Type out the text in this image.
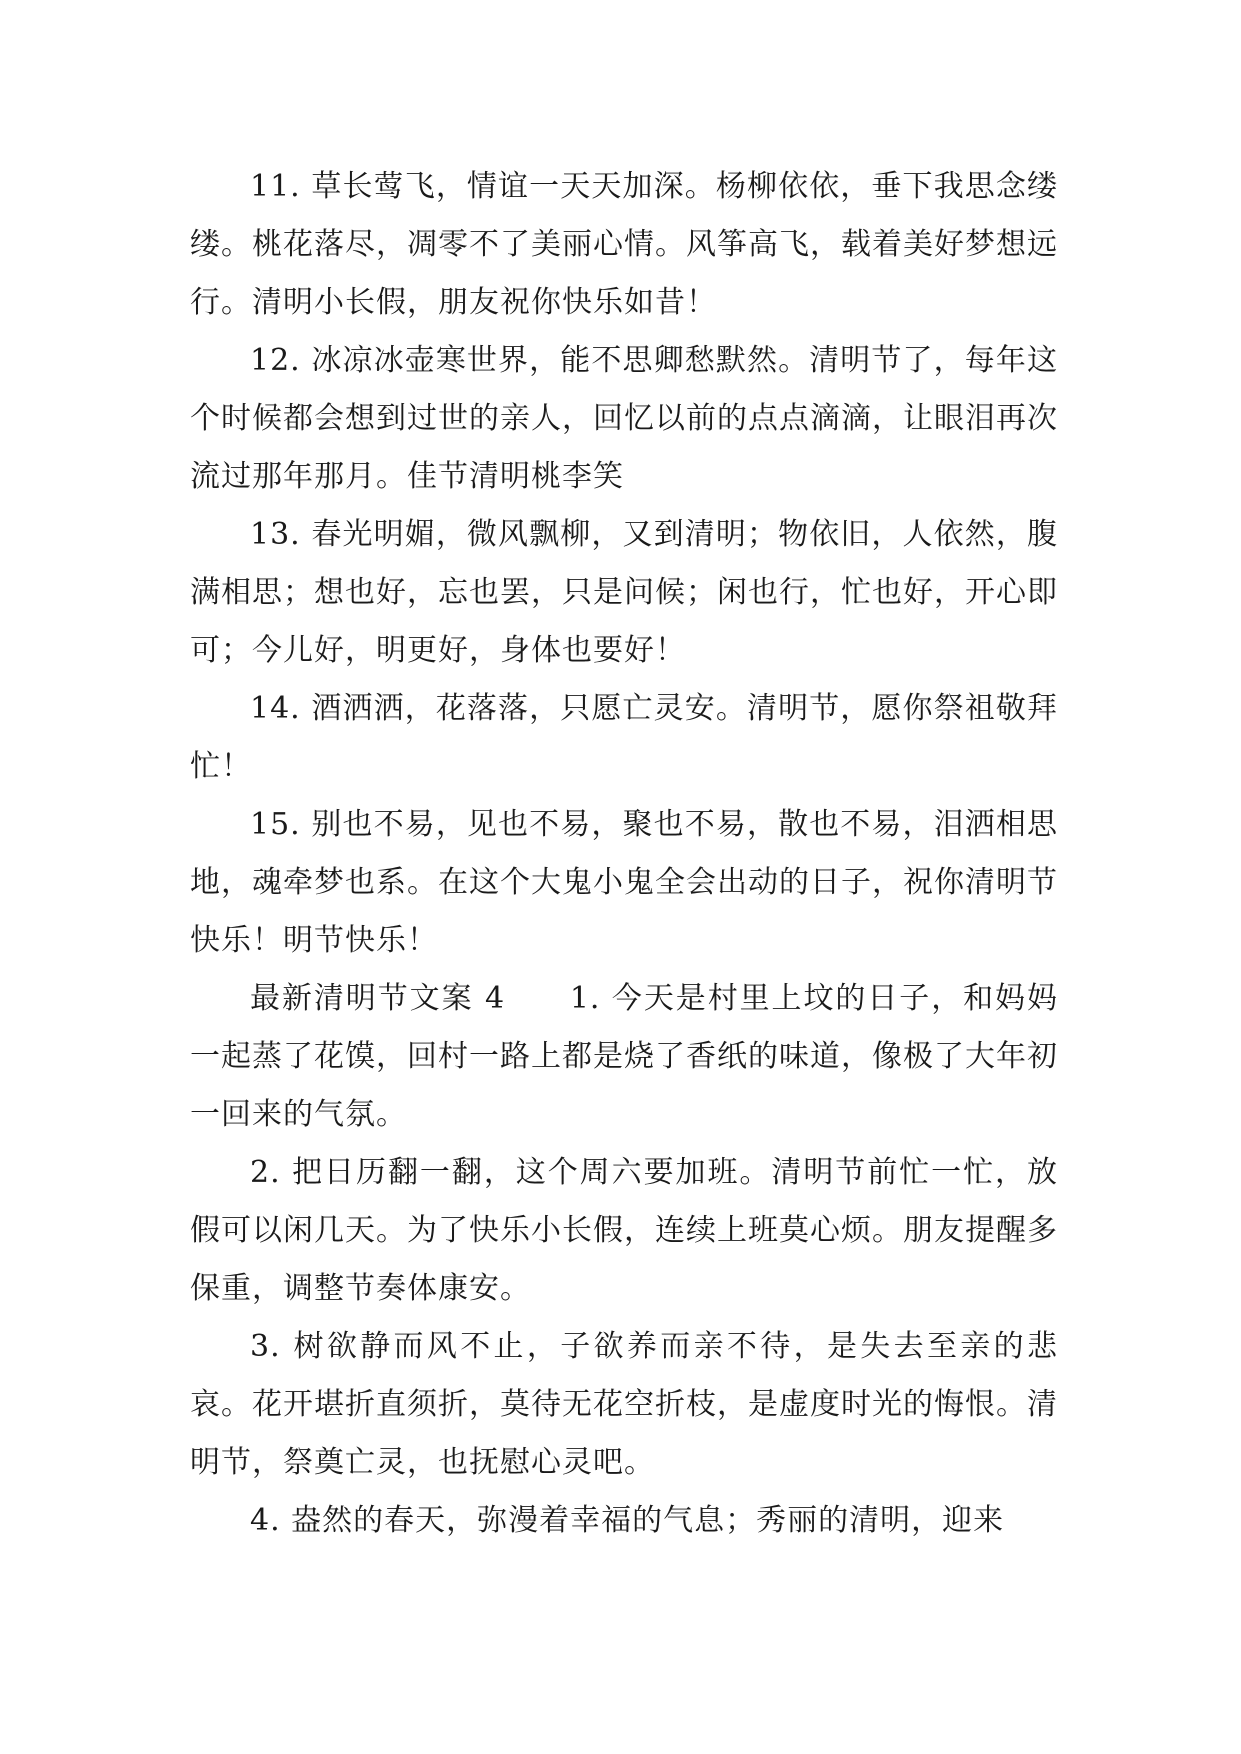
11. 草长莺飞，情谊一天天加深。杨柳依依，垂下我思念缕缕。桃花落尽，凋零不了美丽心情。风筝高飞，载着美好梦想远行。清明小长假，朋友祝你快乐如昔！

12. 冰凉冰壶寒世界，能不思卿愁默然。清明节了，每年这个时候都会想到过世的亲人，回忆以前的点点滴滴，让眼泪再次流过那年那月。佳节清明桃李笑

13. 春光明媚，微风飘柳，又到清明；物依旧，人依然，腹满相思；想也好，忘也罢，只是问候；闲也行，忙也好，开心即可；今儿好，明更好，身体也要好！

14. 酒洒洒，花落落，只愿亡灵安。清明节，愿你祭祖敬拜忙！

15. 别也不易，见也不易，聚也不易，散也不易，泪洒相思地，魂牵梦也系。在这个大鬼小鬼全会出动的日子，祝你清明节快乐！明节快乐！

最新清明节文案 4　　1. 今天是村里上坟的日子，和妈妈一起蒸了花馍，回村一路上都是烧了香纸的味道，像极了大年初一回来的气氛。

2. 把日历翻一翻，这个周六要加班。清明节前忙一忙，放假可以闲几天。为了快乐小长假，连续上班莫心烦。朋友提醒多保重，调整节奏体康安。

3. 树欲静而风不止，子欲养而亲不待，是失去至亲的悲哀。花开堪折直须折，莫待无花空折枝，是虚度时光的悔恨。清明节，祭奠亡灵，也抚慰心灵吧。

4. 盎然的春天，弥漫着幸福的气息；秀丽的清明，迎来
